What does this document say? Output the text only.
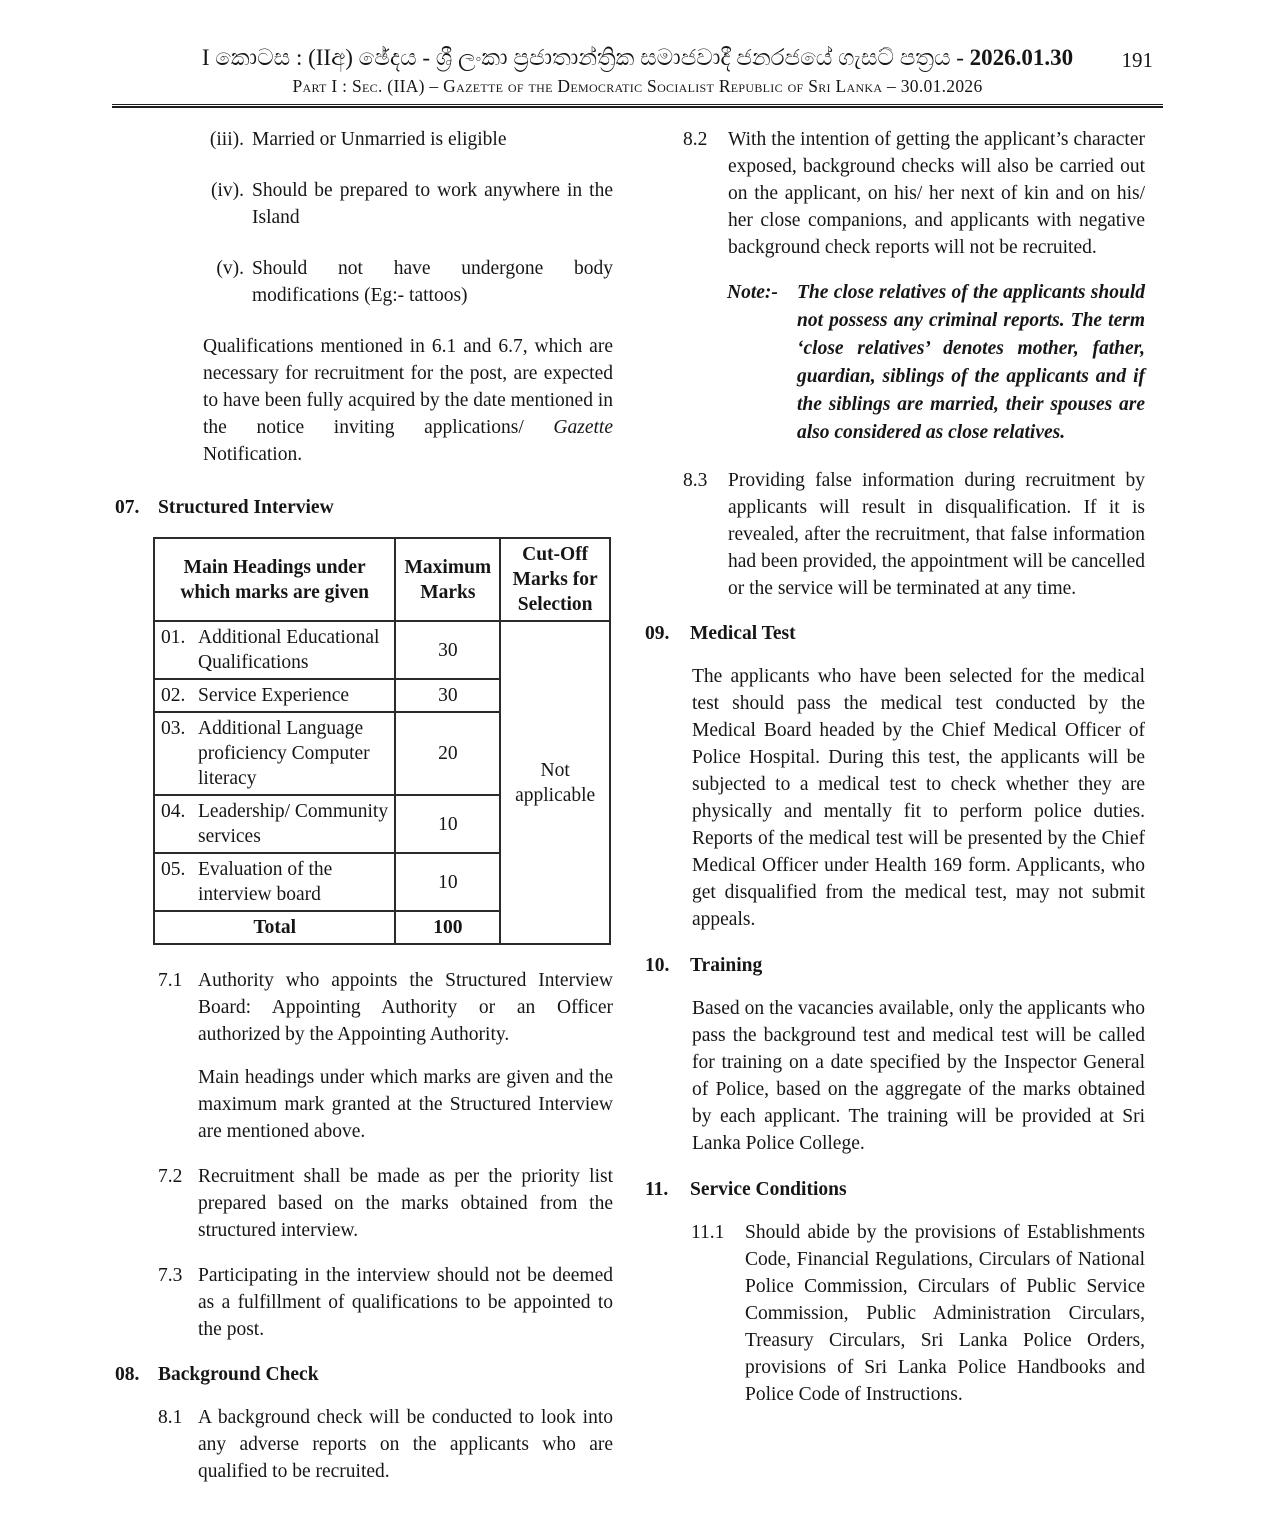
I කොටස : (IIඅ) ඡේදය - ශ්‍රී ලංකා ප්‍රජාතාන්ත්‍රික සමාජවාදී ජනරජයේ ගැසට් පත්‍රය - 2026.01.30	191
Part I : Sec. (IIA) – Gazette of the Democratic Socialist Republic of Sri Lanka – 30.01.2026
(iii). Married or Unmarried is eligible
(iv). Should be prepared to work anywhere in the Island
(v). Should not have undergone body modifications (Eg:- tattoos)
Qualifications mentioned in 6.1 and 6.7, which are necessary for recruitment for the post, are expected to have been fully acquired by the date mentioned in the notice inviting applications/ Gazette Notification.
07. Structured Interview
Main Headings under which marks are given	Maximum Marks	Cut-Off Marks for Selection

01. Additional Educational Qualifications	30	Not applicable

02. Service Experience	30	

03. Additional Language proficiency Computer literacy	20	

04. Leadership/ Community services	10	

05. Evaluation of the interview board	10	
Total	100	
7.1 Authority who appoints the Structured Interview Board: Appointing Authority or an Officer authorized by the Appointing Authority.
Main headings under which marks are given and the maximum mark granted at the Structured Interview are mentioned above.
7.2 Recruitment shall be made as per the priority list prepared based on the marks obtained from the structured interview.
7.3 Participating in the interview should not be deemed as a fulfillment of qualifications to be appointed to the post.
08. Background Check
8.1 A background check will be conducted to look into any adverse reports on the applicants who are qualified to be recruited.
8.2	With the intention of getting the applicant’s character exposed, background checks will also be carried out on the applicant, on his/ her next of kin and on his/ her close companions, and applicants with negative background check reports will not be recruited.
Note:- The close relatives of the applicants should not possess any criminal reports. The term ‘close relatives’ denotes mother, father, guardian, siblings of the applicants and if the siblings are married, their spouses are also considered as close relatives.
8.3	Providing false information during recruitment by applicants will result in disqualification. If it is revealed, after the recruitment, that false information had been provided, the appointment will be cancelled or the service will be terminated at any time.
09.	Medical Test
The applicants who have been selected for the medical test should pass the medical test conducted by the Medical Board headed by the Chief Medical Officer of Police Hospital. During this test, the applicants will be subjected to a medical test to check whether they are physically and mentally fit to perform police duties. Reports of the medical test will be presented by the Chief Medical Officer under Health 169 form. Applicants, who get disqualified from the medical test, may not submit appeals.
10.	Training
Based on the vacancies available, only the applicants who pass the background test and medical test will be called for training on a date specified by the Inspector General of Police, based on the aggregate of the marks obtained by each applicant. The training will be provided at Sri Lanka Police College.
11.	Service Conditions
11.1	Should abide by the provisions of Establishments Code, Financial Regulations, Circulars of National Police Commission, Circulars of Public Service Commission, Public Administration Circulars, Treasury Circulars, Sri Lanka Police Orders, provisions of Sri Lanka Police Handbooks and Police Code of Instructions.
